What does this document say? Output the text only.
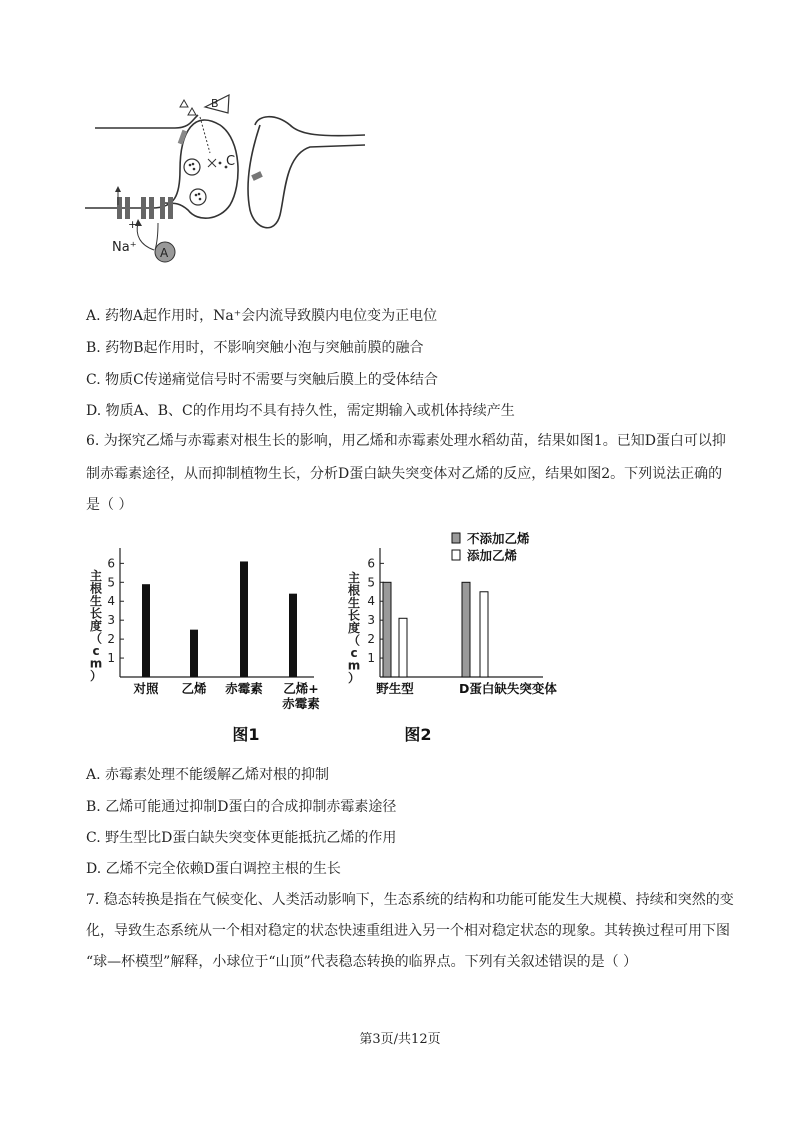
B
C
Na⁺
+
A
A. 药物A起作用时，Na⁺会内流导致膜内电位变为正电位
B. 药物B起作用时，不影响突触小泡与突触前膜的融合
C. 物质C传递痛觉信号时不需要与突触后膜上的受体结合
D. 物质A、B、C的作用均不具有持久性，需定期输入或机体持续产生
6. 为探究乙烯与赤霉素对根生长的影响，用乙烯和赤霉素处理水稻幼苗，结果如图1。已知D蛋白可以抑
制赤霉素途径，从而抑制植物生长，分析D蛋白缺失突变体对乙烯的反应，结果如图2。下列说法正确的
是（ ）
1
2
3
4
5
6
主根生长度（ c m ）
对照 乙烯 赤霉素 乙烯+
赤霉素
图1
1
2
3
4
5
6
主根生长度（ c m ）
不添加乙烯
添加乙烯
野生型	D蛋白缺失突变体
图2
A. 赤霉素处理不能缓解乙烯对根的抑制
B. 乙烯可能通过抑制D蛋白的合成抑制赤霉素途径
C. 野生型比D蛋白缺失突变体更能抵抗乙烯的作用
D. 乙烯不完全依赖D蛋白调控主根的生长
7. 稳态转换是指在气候变化、人类活动影响下，生态系统的结构和功能可能发生大规模、持续和突然的变
化，导致生态系统从一个相对稳定的状态快速重组进入另一个相对稳定状态的现象。其转换过程可用下图
“球—杯模型”解释，小球位于“山顶”代表稳态转换的临界点。下列有关叙述错误的是（ ）
第3页/共12页
